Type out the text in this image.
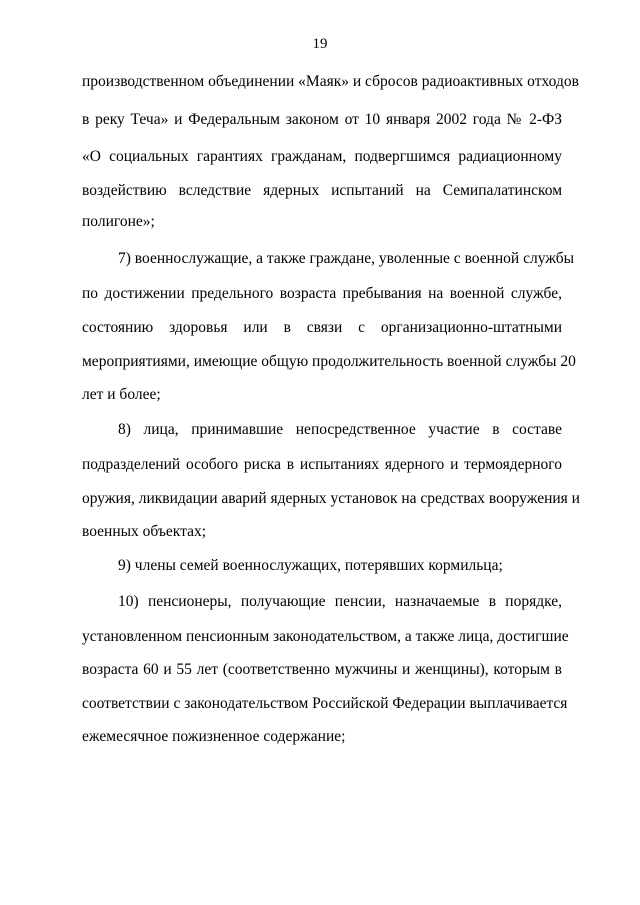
19
производственном объединении «Маяк» и сбросов радиоактивных отходов
в реку Теча» и Федеральным законом от 10 января 2002 года № 2-ФЗ
«О социальных гарантиях гражданам, подвергшимся радиационному
воздействию вследствие ядерных испытаний на Семипалатинском
полигоне»;
7) военнослужащие, а также граждане, уволенные с военной службы
по достижении предельного возраста пребывания на военной службе,
состоянию здоровья или в связи с организационно-штатными
мероприятиями, имеющие общую продолжительность военной службы 20
лет и более;
8) лица, принимавшие непосредственное участие в составе
подразделений особого риска в испытаниях ядерного и термоядерного
оружия, ликвидации аварий ядерных установок на средствах вооружения и
военных объектах;
9) члены семей военнослужащих, потерявших кормильца;
10) пенсионеры, получающие пенсии, назначаемые в порядке,
установленном пенсионным законодательством, а также лица, достигшие
возраста 60 и 55 лет (соответственно мужчины и женщины), которым в
соответствии с законодательством Российской Федерации выплачивается
ежемесячное пожизненное содержание;
